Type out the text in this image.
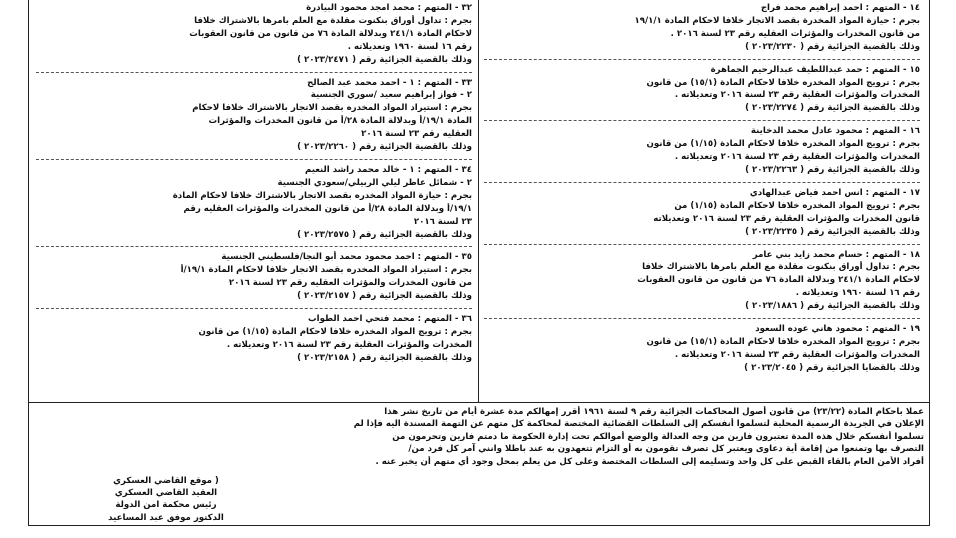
١٤ - المتهم : احمد إبراهيم محمد فراج

بجرم : حيازة المواد المخدرة بقصد الاتجار خلافا لاحكام المادة ١٩/١/١

من قانون المخدرات والمؤثرات العقليه رقم ٢٣ لسنة ٢٠١٦ .

وذلك بالقضية الجزائية رقم ( ٢٠٢٣/٢٢٣٠ )

١٥ - المتهم : حمد عبداللطيف عبدالرحيم الجماهرة

بجرم : ترويج المواد المخدره خلافا لاحكام المادة (١٥/١) من قانون

المخدرات والمؤثرات العقلية رقم ٢٣ لسنة ٢٠١٦ وتعديلاته .

وذلك بالقضية الجزائية رقم ( ٢٠٢٣/٢٢٧٤ )

١٦ - المتهم : محمود عادل محمد الدخاينة

بجرم : ترويج المواد المخدره خلافا لاحكام المادة (١/١٥) من قانون

المخدرات والمؤثرات العقلية رقم ٢٣ لسنة ٢٠١٦ وتعديلاته .

وذلك بالقضية الجزائية رقم ( ٢٠٢٣/٢٢٦٣ )

١٧ - المتهم : انس احمد فياض عبدالهادي

بجرم : ترويج المواد المخدره خلافا لاحكام المادة (١/١٥) من

قانون المخدرات والمؤثرات العقلية رقم ٢٣ لسنة ٢٠١٦ وتعديلاته

وذلك بالقضية الجزائية رقم ( ٢٠٢٣/٢٢٣٥ )

١٨ - المتهم : حسام محمد زايد بني عامر

بجرم : تداول أوراق بنكنوت مقلدة مع العلم بامرها بالاشتراك خلافا

لاحكام المادة ٢٤١/١ وبدلالة المادة ٧٦ من قانون من قانون العقوبات

رقم ١٦ لسنة ١٩٦٠ وتعديلاته .

وذلك بالقضية الجزائية رقم ( ٢٠٢٣/١٨٨٦ )

١٩ - المتهم : محمود هاني عوده السعود

بجرم : ترويج المواد المخدره خلافا لاحكام المادة (١٥/١) من قانون

المخدرات والمؤثرات العقلية رقم ٢٣ لسنة ٢٠١٦ وتعديلاته .

وذلك بالقضايا الجزائية رقم ( ٢٠٢٣/٢٠٤٥ )

٣٢ - المتهم : محمد امجد محمود البيادرة

بجرم : تداول أوراق بنكنوت مقلدة مع العلم بامرها بالاشتراك خلافا

لاحكام المادة ٢٤١/١ وبدلالة المادة ٧٦ من قانون من قانون العقوبات

رقم ١٦ لسنة ١٩٦٠ وتعديلاته .

وذلك بالقضية الجزائية رقم ( ٢٠٢٣/٢٤٧١ )

٣٣ - المتهم : ١ - احمد محمد عبد الصالح

٢ - فواز إبراهيم سعيد /سوري الجنسية

بجرم : استيراد المواد المخدره بقصد الاتجار بالاشتراك خلافا لاحكام

المادة ١٩/١/أ وبدلالة المادة ٢٨/أ من قانون المخدرات والمؤثرات

العقليه رقم ٢٣ لسنة ٢٠١٦

وذلك بالقضية الجزائية رقم ( ٢٠٢٣/٢٢٦٠ )

٣٤ - المتهم : ١ - خالد محمد راشد النعيم

٢ - شمائل عاطر ليلي الربيلي/سعودي الجنسية

بجرم : حيازة المواد المخدره بقصد الاتجار بالاشتراك خلافا لاحكام المادة

١٩/١/أ وبدلالة المادة ٢٨/أ من قانون المخدرات والمؤثرات العقليه رقم

٢٣ لسنة ٢٠١٦

وذلك بالقضية الجزائية رقم ( ٢٠٢٣/٢٥٧٥ )

٣٥ - المتهم : احمد محمود محمد أبو النجا/فلسطيني الجنسية

بجرم : استيراد المواد المخدره بقصد الاتجار خلافا لاحكام المادة ١٩/١/أ

من قانون المخدرات والمؤثرات العقليه رقم ٢٣ لسنة ٢٠١٦

وذلك بالقضية الجزائية رقم ( ٢٠٢٣/٢١٥٧ )

٣٦ - المتهم : محمد فتحي احمد الطواب

بجرم : ترويج المواد المخدره خلافا لاحكام المادة (١/١٥) من قانون

المخدرات والمؤثرات العقلية رقم ٢٣ لسنة ٢٠١٦ وتعديلاته .

وذلك بالقضية الجزائية رقم ( ٢٠٢٣/٢١٥٨ )

عملا باحكام المادة (٢٣/٢٢) من قانون أصول المحاكمات الجزائية رقم ٩ لسنة ١٩٦١ أقرر إمهالكم مدة عشرة أيام من تاريخ نشر هذا

الإعلان في الجريدة الرسمية المحلية لتسلموا أنفسكم إلى السلطات القضائية المختصة لمحاكمة كل متهم عن التهمة المسندة اليه فإذا لم

تسلموا أنفسكم خلال هذه المدة تعتبرون فارين من وجه العدالة والوضع أموالكم تحت إدارة الحكومة ما دمتم فارين وتحرمون من

التصرف بها وتمنعوا من إقامة أية دعاوى ويعتبر كل تصرف تقومون به أو التزام تتعهدون به عند باطلا وانني آمر كل فرد من/

أفراد الأمن العام بالقاء القبض على كل واحد وتسليمه إلى السلطات المختصة وعلى كل من يعلم بمحل وجود أي متهم أن يخبر عنه .

( موقع القاضي العسكري

العقيد القاضي العسكري

رئيس محكمة امن الدولة

الدكتور موفق عبد المساعيد
